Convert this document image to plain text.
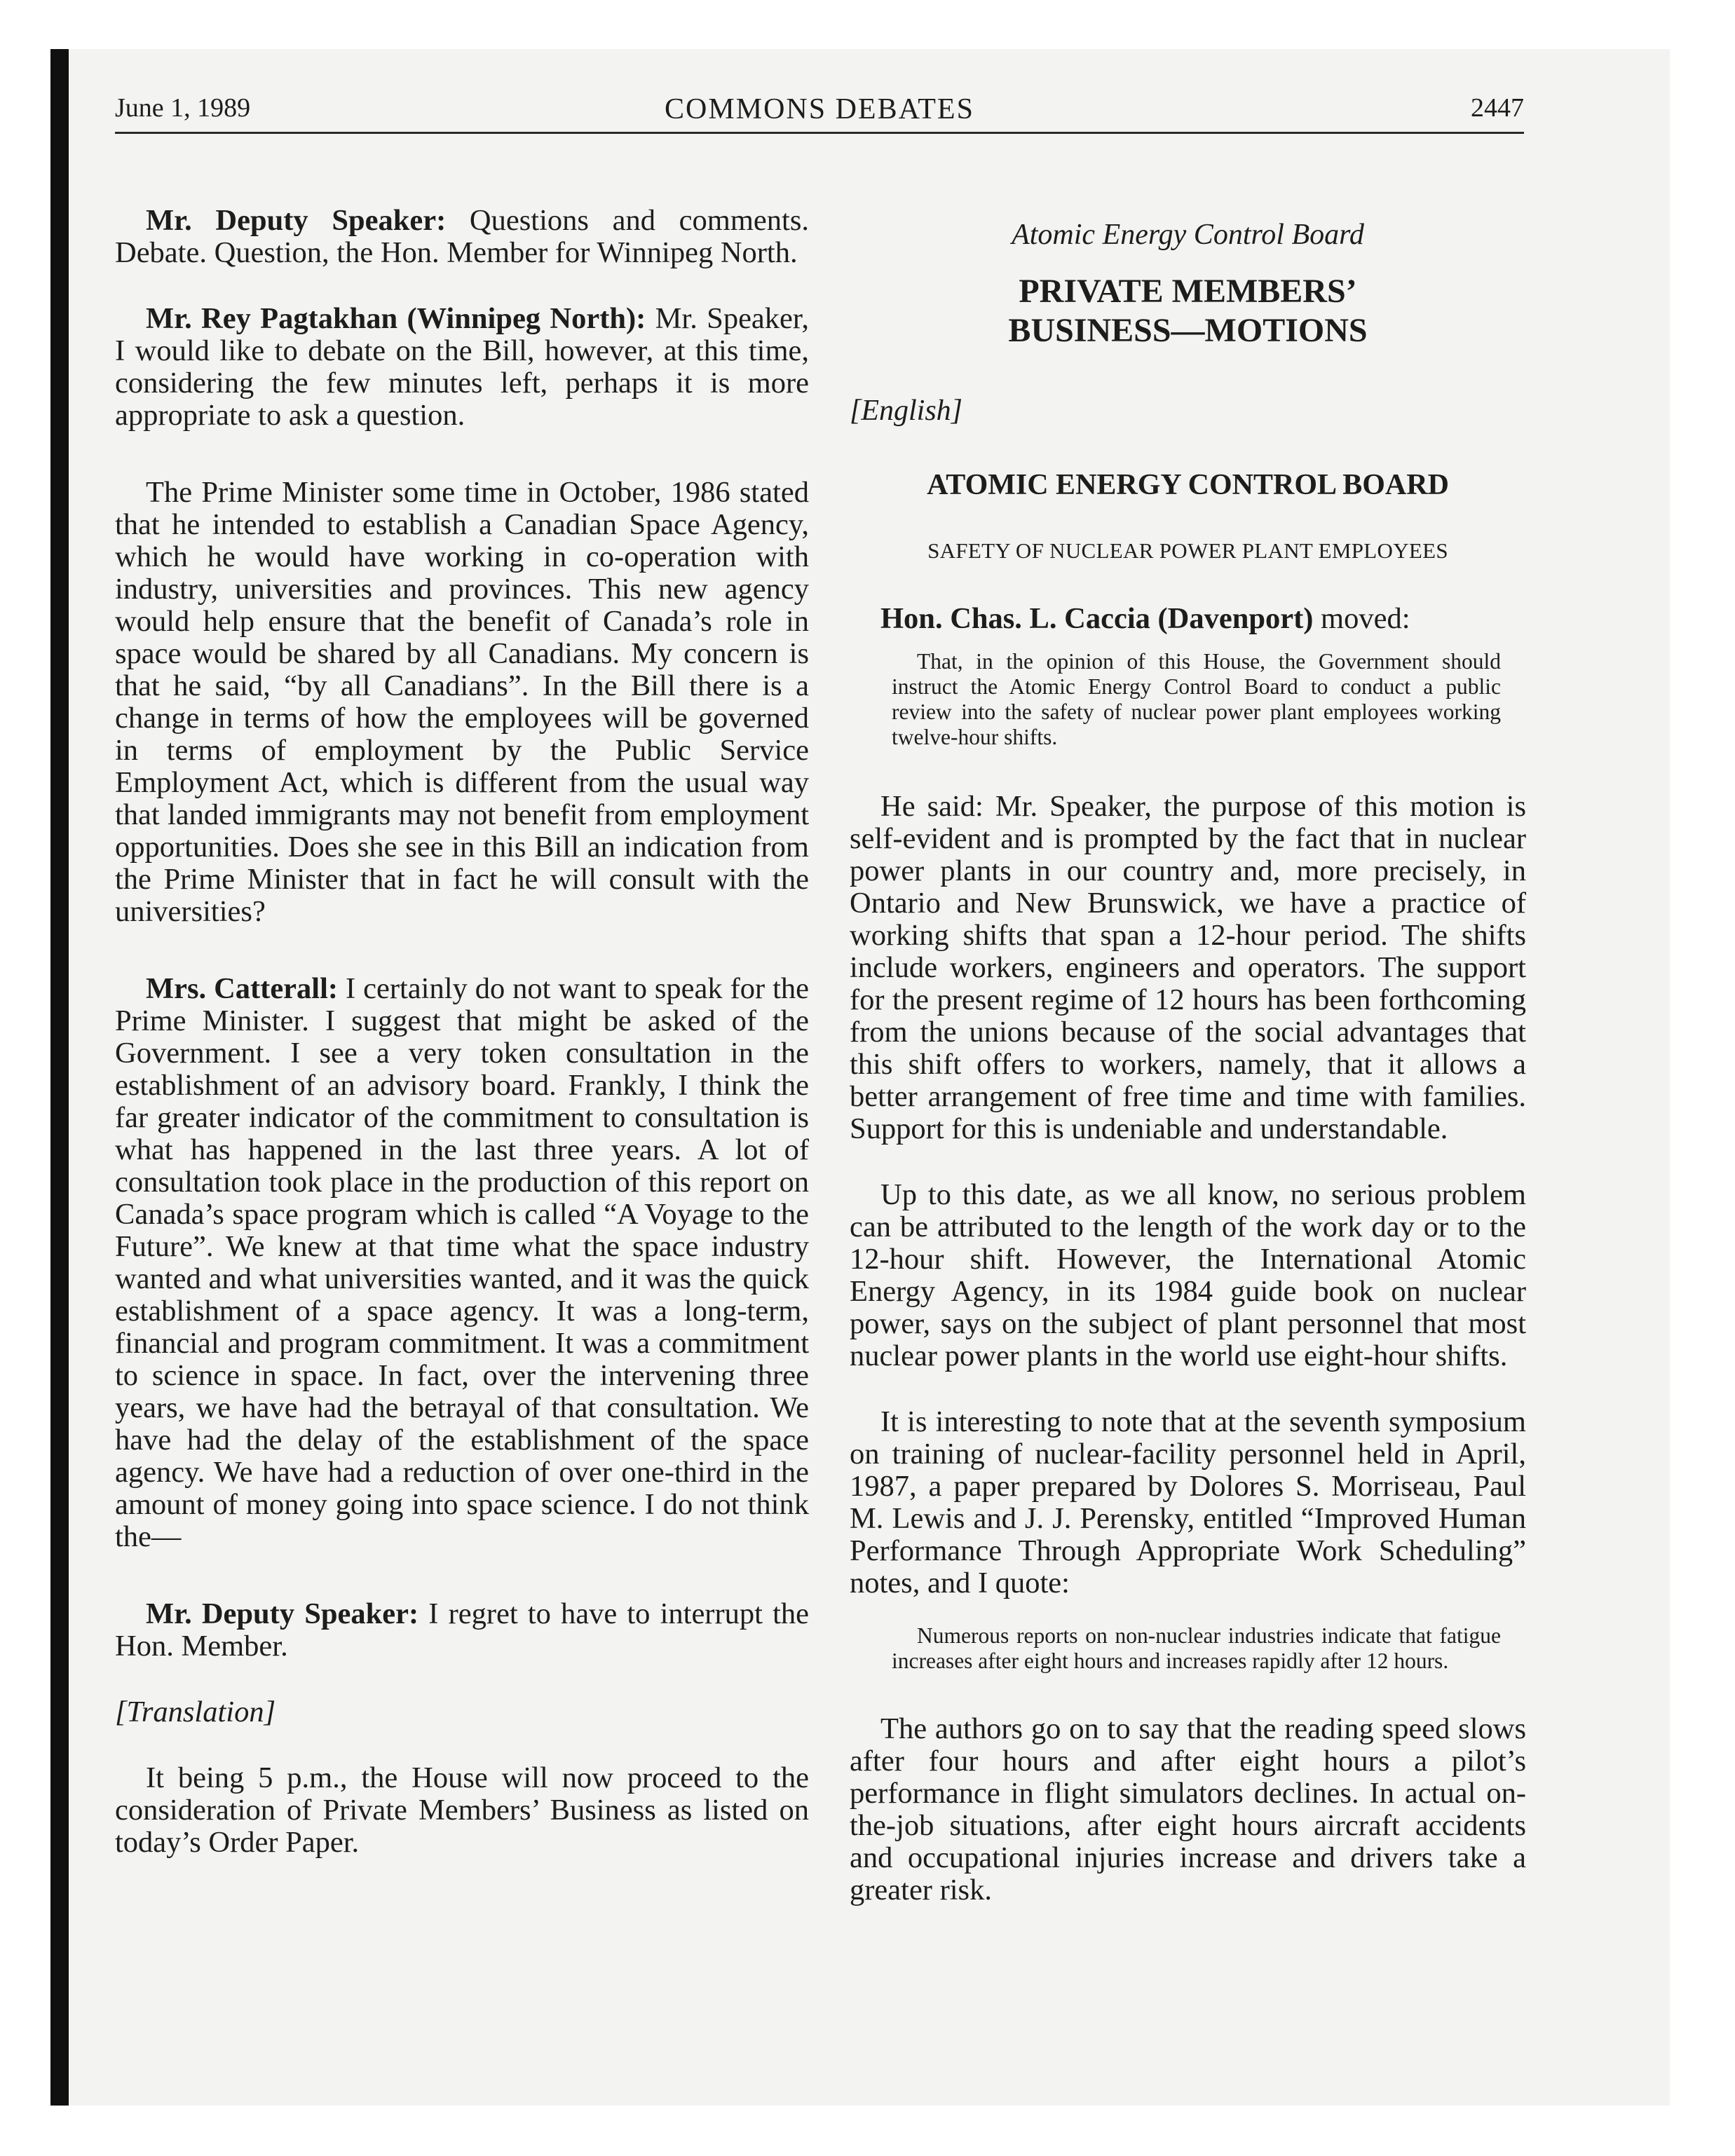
June 1, 1989	COMMONS DEBATES	2447

Mr. Deputy Speaker: Questions and comments. Debate. Question, the Hon. Member for Winnipeg North.

Mr. Rey Pagtakhan (Winnipeg North): Mr. Speaker, I would like to debate on the Bill, however, at this time, considering the few minutes left, perhaps it is more appropriate to ask a question.

The Prime Minister some time in October, 1986 stated that he intended to establish a Canadian Space Agency, which he would have working in co-operation with industry, universities and provinces. This new agency would help ensure that the benefit of Canada’s role in space would be shared by all Canadians. My concern is that he said, “by all Canadians”. In the Bill there is a change in terms of how the employees will be governed in terms of employment by the Public Service Employment Act, which is different from the usual way that landed immigrants may not benefit from employment opportunities. Does she see in this Bill an indication from the Prime Minister that in fact he will consult with the universities?

Mrs. Catterall: I certainly do not want to speak for the Prime Minister. I suggest that might be asked of the Government. I see a very token consultation in the establishment of an advisory board. Frankly, I think the far greater indicator of the commitment to consultation is what has happened in the last three years. A lot of consultation took place in the production of this report on Canada’s space program which is called “A Voyage to the Future”. We knew at that time what the space industry wanted and what universities wanted, and it was the quick establishment of a space agency. It was a long-term, financial and program commitment. It was a commitment to science in space. In fact, over the intervening three years, we have had the betrayal of that consultation. We have had the delay of the establishment of the space agency. We have had a reduction of over one-third in the amount of money going into space science. I do not think the—

Mr. Deputy Speaker: I regret to have to interrupt the Hon. Member.

[Translation]

It being 5 p.m., the House will now proceed to the consideration of Private Members’ Business as listed on today’s Order Paper.

Atomic Energy Control Board
PRIVATE MEMBERS’
BUSINESS—MOTIONS
[English]
ATOMIC ENERGY CONTROL BOARD
SAFETY OF NUCLEAR POWER PLANT EMPLOYEES

Hon. Chas. L. Caccia (Davenport) moved:

That, in the opinion of this House, the Government should instruct the Atomic Energy Control Board to conduct a public review into the safety of nuclear power plant employees working twelve-hour shifts.

He said: Mr. Speaker, the purpose of this motion is self-evident and is prompted by the fact that in nuclear power plants in our country and, more precisely, in Ontario and New Brunswick, we have a practice of working shifts that span a 12-hour period. The shifts include workers, engineers and operators. The support for the present regime of 12 hours has been forthcoming from the unions because of the social advantages that this shift offers to workers, namely, that it allows a better arrangement of free time and time with families. Support for this is undeniable and understandable.

Up to this date, as we all know, no serious problem can be attributed to the length of the work day or to the 12-hour shift. However, the International Atomic Energy Agency, in its 1984 guide book on nuclear power, says on the subject of plant personnel that most nuclear power plants in the world use eight-hour shifts.

It is interesting to note that at the seventh symposium on training of nuclear-facility personnel held in April, 1987, a paper prepared by Dolores S. Morriseau, Paul M. Lewis and J. J. Perensky, entitled “Improved Human Performance Through Appropriate Work Scheduling” notes, and I quote:

Numerous reports on non-nuclear industries indicate that fatigue increases after eight hours and increases rapidly after 12 hours.

The authors go on to say that the reading speed slows after four hours and after eight hours a pilot’s performance in flight simulators declines. In actual on-the-job situations, after eight hours aircraft accidents and occupational injuries increase and drivers take a greater risk.
